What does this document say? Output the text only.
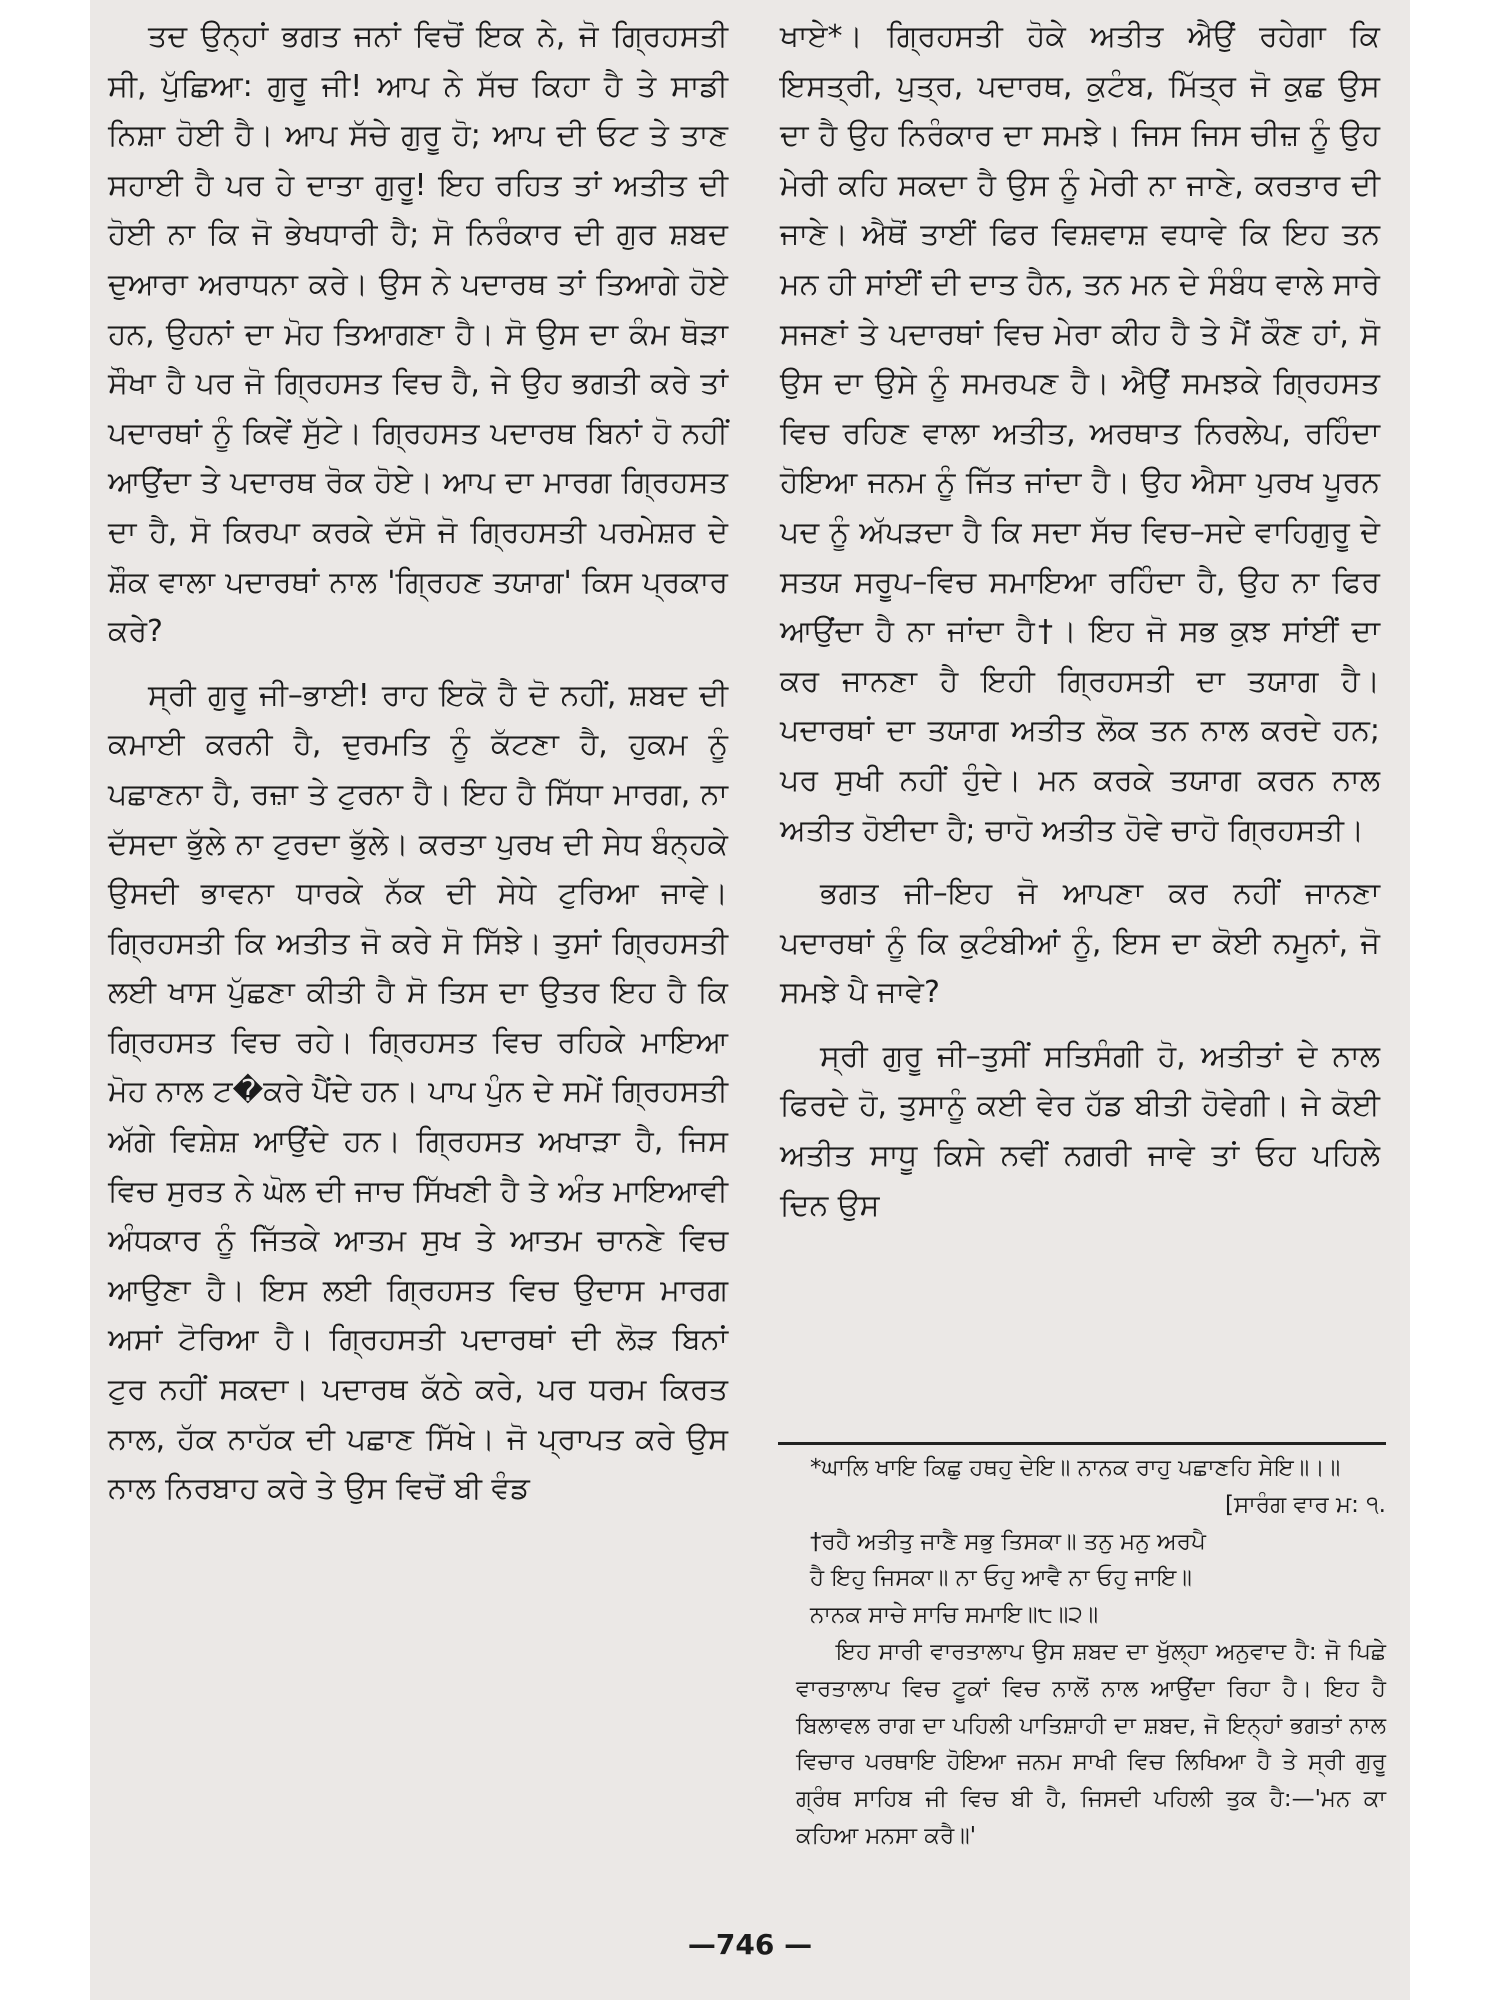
ਤਦ ਉਨ੍ਹਾਂ ਭਗਤ ਜਨਾਂ ਵਿਚੋਂ ਇਕ ਨੇ, ਜੋ ਗ੍ਰਿਹਸਤੀ ਸੀ, ਪੁੱਛਿਆ: ਗੁਰੂ ਜੀ! ਆਪ ਨੇ ਸੱਚ ਕਿਹਾ ਹੈ ਤੇ ਸਾਡੀ ਨਿਸ਼ਾ ਹੋਈ ਹੈ। ਆਪ ਸੱਚੇ ਗੁਰੂ ਹੋ; ਆਪ ਦੀ ਓਟ ਤੇ ਤਾਣ ਸਹਾਈ ਹੈ ਪਰ ਹੇ ਦਾਤਾ ਗੁਰੂ! ਇਹ ਰਹਿਤ ਤਾਂ ਅਤੀਤ ਦੀ ਹੋਈ ਨਾ ਕਿ ਜੋ ਭੇਖਧਾਰੀ ਹੈ; ਸੋ ਨਿਰੰਕਾਰ ਦੀ ਗੁਰ ਸ਼ਬਦ ਦੁਆਰਾ ਅਰਾਧਨਾ ਕਰੇ। ਉਸ ਨੇ ਪਦਾਰਥ ਤਾਂ ਤਿਆਗੇ ਹੋਏ ਹਨ, ਉਹਨਾਂ ਦਾ ਮੋਹ ਤਿਆਗਣਾ ਹੈ। ਸੋ ਉਸ ਦਾ ਕੰਮ ਥੋੜਾ ਸੌਖਾ ਹੈ ਪਰ ਜੋ ਗ੍ਰਿਹਸਤ ਵਿਚ ਹੈ, ਜੇ ਉਹ ਭਗਤੀ ਕਰੇ ਤਾਂ ਪਦਾਰਥਾਂ ਨੂੰ ਕਿਵੇਂ ਸੁੱਟੇ। ਗ੍ਰਿਹਸਤ ਪਦਾਰਥ ਬਿਨਾਂ ਹੋ ਨਹੀਂ ਆਉਂਦਾ ਤੇ ਪਦਾਰਥ ਰੋਕ ਹੋਏ। ਆਪ ਦਾ ਮਾਰਗ ਗ੍ਰਿਹਸਤ ਦਾ ਹੈ, ਸੋ ਕਿਰਪਾ ਕਰਕੇ ਦੱਸੋ ਜੋ ਗ੍ਰਿਹਸਤੀ ਪਰਮੇਸ਼ਰ ਦੇ ਸ਼ੌਕ ਵਾਲਾ ਪਦਾਰਥਾਂ ਨਾਲ 'ਗ੍ਰਿਹਣ ਤਯਾਗ' ਕਿਸ ਪ੍ਰਕਾਰ ਕਰੇ?

ਸ੍ਰੀ ਗੁਰੂ ਜੀ–ਭਾਈ! ਰਾਹ ਇਕੋ ਹੈ ਦੋ ਨਹੀਂ, ਸ਼ਬਦ ਦੀ ਕਮਾਈ ਕਰਨੀ ਹੈ, ਦੁਰਮਤਿ ਨੂੰ ਕੱਟਣਾ ਹੈ, ਹੁਕਮ ਨੂੰ ਪਛਾਣਨਾ ਹੈ, ਰਜ਼ਾ ਤੇ ਟੁਰਨਾ ਹੈ। ਇਹ ਹੈ ਸਿੱਧਾ ਮਾਰਗ, ਨਾ ਦੱਸਦਾ ਭੁੱਲੇ ਨਾ ਟੁਰਦਾ ਭੁੱਲੇ। ਕਰਤਾ ਪੁਰਖ ਦੀ ਸੇਧ ਬੰਨ੍ਹਕੇ ਉਸਦੀ ਭਾਵਨਾ ਧਾਰਕੇ ਨੱਕ ਦੀ ਸੇਧੇ ਟੁਰਿਆ ਜਾਵੇ। ਗ੍ਰਿਹਸਤੀ ਕਿ ਅਤੀਤ ਜੋ ਕਰੇ ਸੋ ਸਿੱਝੇ। ਤੁਸਾਂ ਗ੍ਰਿਹਸਤੀ ਲਈ ਖਾਸ ਪੁੱਛਣਾ ਕੀਤੀ ਹੈ ਸੋ ਤਿਸ ਦਾ ਉਤਰ ਇਹ ਹੈ ਕਿ ਗ੍ਰਿਹਸਤ ਵਿਚ ਰਹੇ। ਗ੍ਰਿਹਸਤ ਵਿਚ ਰਹਿਕੇ ਮਾਇਆ ਮੋਹ ਨਾਲ ਟ�ਕਰੇ ਪੈਂਦੇ ਹਨ। ਪਾਪ ਪੁੰਨ ਦੇ ਸਮੇਂ ਗ੍ਰਿਹਸਤੀ ਅੱਗੇ ਵਿਸ਼ੇਸ਼ ਆਉਂਦੇ ਹਨ। ਗ੍ਰਿਹਸਤ ਅਖਾੜਾ ਹੈ, ਜਿਸ ਵਿਚ ਸੁਰਤ ਨੇ ਘੋਲ ਦੀ ਜਾਚ ਸਿੱਖਣੀ ਹੈ ਤੇ ਅੰਤ ਮਾਇਆਵੀ ਅੰਧਕਾਰ ਨੂੰ ਜਿੱਤਕੇ ਆਤਮ ਸੁਖ ਤੇ ਆਤਮ ਚਾਨਣੇ ਵਿਚ ਆਉਣਾ ਹੈ। ਇਸ ਲਈ ਗ੍ਰਿਹਸਤ ਵਿਚ ਉਦਾਸ ਮਾਰਗ ਅਸਾਂ ਟੋਰਿਆ ਹੈ। ਗ੍ਰਿਹਸਤੀ ਪਦਾਰਥਾਂ ਦੀ ਲੋੜ ਬਿਨਾਂ ਟੁਰ ਨਹੀਂ ਸਕਦਾ। ਪਦਾਰਥ ਕੱਠੇ ਕਰੇ, ਪਰ ਧਰਮ ਕਿਰਤ ਨਾਲ, ਹੱਕ ਨਾਹੱਕ ਦੀ ਪਛਾਣ ਸਿੱਖੇ। ਜੋ ਪ੍ਰਾਪਤ ਕਰੇ ਉਸ ਨਾਲ ਨਿਰਬਾਹ ਕਰੇ ਤੇ ਉਸ ਵਿਚੋਂ ਬੀ ਵੰਡ

ਖਾਏ*। ਗ੍ਰਿਹਸਤੀ ਹੋਕੇ ਅਤੀਤ ਐਉਂ ਰਹੇਗਾ ਕਿ ਇਸਤ੍ਰੀ, ਪੁਤ੍ਰ, ਪਦਾਰਥ, ਕੁਟੰਬ, ਮਿੱਤ੍ਰ ਜੋ ਕੁਛ ਉਸ ਦਾ ਹੈ ਉਹ ਨਿਰੰਕਾਰ ਦਾ ਸਮਝੇ। ਜਿਸ ਜਿਸ ਚੀਜ਼ ਨੂੰ ਉਹ ਮੇਰੀ ਕਹਿ ਸਕਦਾ ਹੈ ਉਸ ਨੂੰ ਮੇਰੀ ਨਾ ਜਾਣੇ, ਕਰਤਾਰ ਦੀ ਜਾਣੇ। ਐਥੋਂ ਤਾਈਂ ਫਿਰ ਵਿਸ਼ਵਾਸ਼ ਵਧਾਵੇ ਕਿ ਇਹ ਤਨ ਮਨ ਹੀ ਸਾਂਈਂ ਦੀ ਦਾਤ ਹੈਨ, ਤਨ ਮਨ ਦੇ ਸੰਬੰਧ ਵਾਲੇ ਸਾਰੇ ਸਜਣਾਂ ਤੇ ਪਦਾਰਥਾਂ ਵਿਚ ਮੇਰਾ ਕੀਹ ਹੈ ਤੇ ਮੈਂ ਕੌਣ ਹਾਂ, ਸੋ ਉਸ ਦਾ ਉਸੇ ਨੂੰ ਸਮਰਪਣ ਹੈ। ਐਉਂ ਸਮਝਕੇ ਗ੍ਰਿਹਸਤ ਵਿਚ ਰਹਿਣ ਵਾਲਾ ਅਤੀਤ, ਅਰਥਾਤ ਨਿਰਲੇਪ, ਰਹਿੰਦਾ ਹੋਇਆ ਜਨਮ ਨੂੰ ਜਿੱਤ ਜਾਂਦਾ ਹੈ। ਉਹ ਐਸਾ ਪੁਰਖ ਪੂਰਨ ਪਦ ਨੂੰ ਅੱਪੜਦਾ ਹੈ ਕਿ ਸਦਾ ਸੱਚ ਵਿਚ–ਸਦੇ ਵਾਹਿਗੁਰੂ ਦੇ ਸਤਯ ਸਰੂਪ–ਵਿਚ ਸਮਾਇਆ ਰਹਿੰਦਾ ਹੈ, ਉਹ ਨਾ ਫਿਰ ਆਉਂਦਾ ਹੈ ਨਾ ਜਾਂਦਾ ਹੈ†। ਇਹ ਜੋ ਸਭ ਕੁਝ ਸਾਂਈਂ ਦਾ ਕਰ ਜਾਨਣਾ ਹੈ ਇਹੀ ਗ੍ਰਿਹਸਤੀ ਦਾ ਤਯਾਗ ਹੈ। ਪਦਾਰਥਾਂ ਦਾ ਤਯਾਗ ਅਤੀਤ ਲੋਕ ਤਨ ਨਾਲ ਕਰਦੇ ਹਨ; ਪਰ ਸੁਖੀ ਨਹੀਂ ਹੁੰਦੇ। ਮਨ ਕਰਕੇ ਤਯਾਗ ਕਰਨ ਨਾਲ ਅਤੀਤ ਹੋਈਦਾ ਹੈ; ਚਾਹੋ ਅਤੀਤ ਹੋਵੇ ਚਾਹੋ ਗ੍ਰਿਹਸਤੀ।

ਭਗਤ ਜੀ–ਇਹ ਜੋ ਆਪਣਾ ਕਰ ਨਹੀਂ ਜਾਨਣਾ ਪਦਾਰਥਾਂ ਨੂੰ ਕਿ ਕੁਟੰਬੀਆਂ ਨੂੰ, ਇਸ ਦਾ ਕੋਈ ਨਮੂਨਾਂ, ਜੋ ਸਮਝੇ ਪੈ ਜਾਵੇ?

ਸ੍ਰੀ ਗੁਰੂ ਜੀ–ਤੁਸੀਂ ਸਤਿਸੰਗੀ ਹੋ, ਅਤੀਤਾਂ ਦੇ ਨਾਲ ਫਿਰਦੇ ਹੋ, ਤੁਸਾਨੂੰ ਕਈ ਵੇਰ ਹੱਡ ਬੀਤੀ ਹੋਵੇਗੀ। ਜੇ ਕੋਈ ਅਤੀਤ ਸਾਧੂ ਕਿਸੇ ਨਵੀਂ ਨਗਰੀ ਜਾਵੇ ਤਾਂ ਓਹ ਪਹਿਲੇ ਦਿਨ ਉਸ

*ਘਾਲਿ ਖਾਇ ਕਿਛੁ ਹਥਹੁ ਦੇਇ॥ ਨਾਨਕ ਰਾਹੁ ਪਛਾਣਹਿ ਸੇਇ॥।॥

[ਸਾਰੰਗ ਵਾਰ ਮ: ੧.

†ਰਹੈ ਅਤੀਤੁ ਜਾਣੈ ਸਭੁ ਤਿਸਕਾ॥ ਤਨੁ ਮਨੁ ਅਰਪੈ

ਹੈ ਇਹੁ ਜਿਸਕਾ॥ ਨਾ ਓਹੁ ਆਵੈ ਨਾ ਓਹੁ ਜਾਇ॥

ਨਾਨਕ ਸਾਚੇ ਸਾਚਿ ਸਮਾਇ॥੮॥੨॥

ਇਹ ਸਾਰੀ ਵਾਰਤਾਲਾਪ ਉਸ ਸ਼ਬਦ ਦਾ ਖੁੱਲ੍ਹਾ ਅਨੁਵਾਦ ਹੈ: ਜੋ ਪਿਛੇ ਵਾਰਤਾਲਾਪ ਵਿਚ ਟੂਕਾਂ ਵਿਚ ਨਾਲੋਂ ਨਾਲ ਆਉਂਦਾ ਰਿਹਾ ਹੈ। ਇਹ ਹੈ ਬਿਲਾਵਲ ਰਾਗ ਦਾ ਪਹਿਲੀ ਪਾਤਿਸ਼ਾਹੀ ਦਾ ਸ਼ਬਦ, ਜੋ ਇਨ੍ਹਾਂ ਭਗਤਾਂ ਨਾਲ ਵਿਚਾਰ ਪਰਥਾਇ ਹੋਇਆ ਜਨਮ ਸਾਖੀ ਵਿਚ ਲਿਖਿਆ ਹੈ ਤੇ ਸ੍ਰੀ ਗੁਰੂ ਗ੍ਰੰਥ ਸਾਹਿਬ ਜੀ ਵਿਚ ਬੀ ਹੈ, ਜਿਸਦੀ ਪਹਿਲੀ ਤੁਕ ਹੈ:—'ਮਨ ਕਾ ਕਹਿਆ ਮਨਸਾ ਕਰੈ॥'

—746 —
